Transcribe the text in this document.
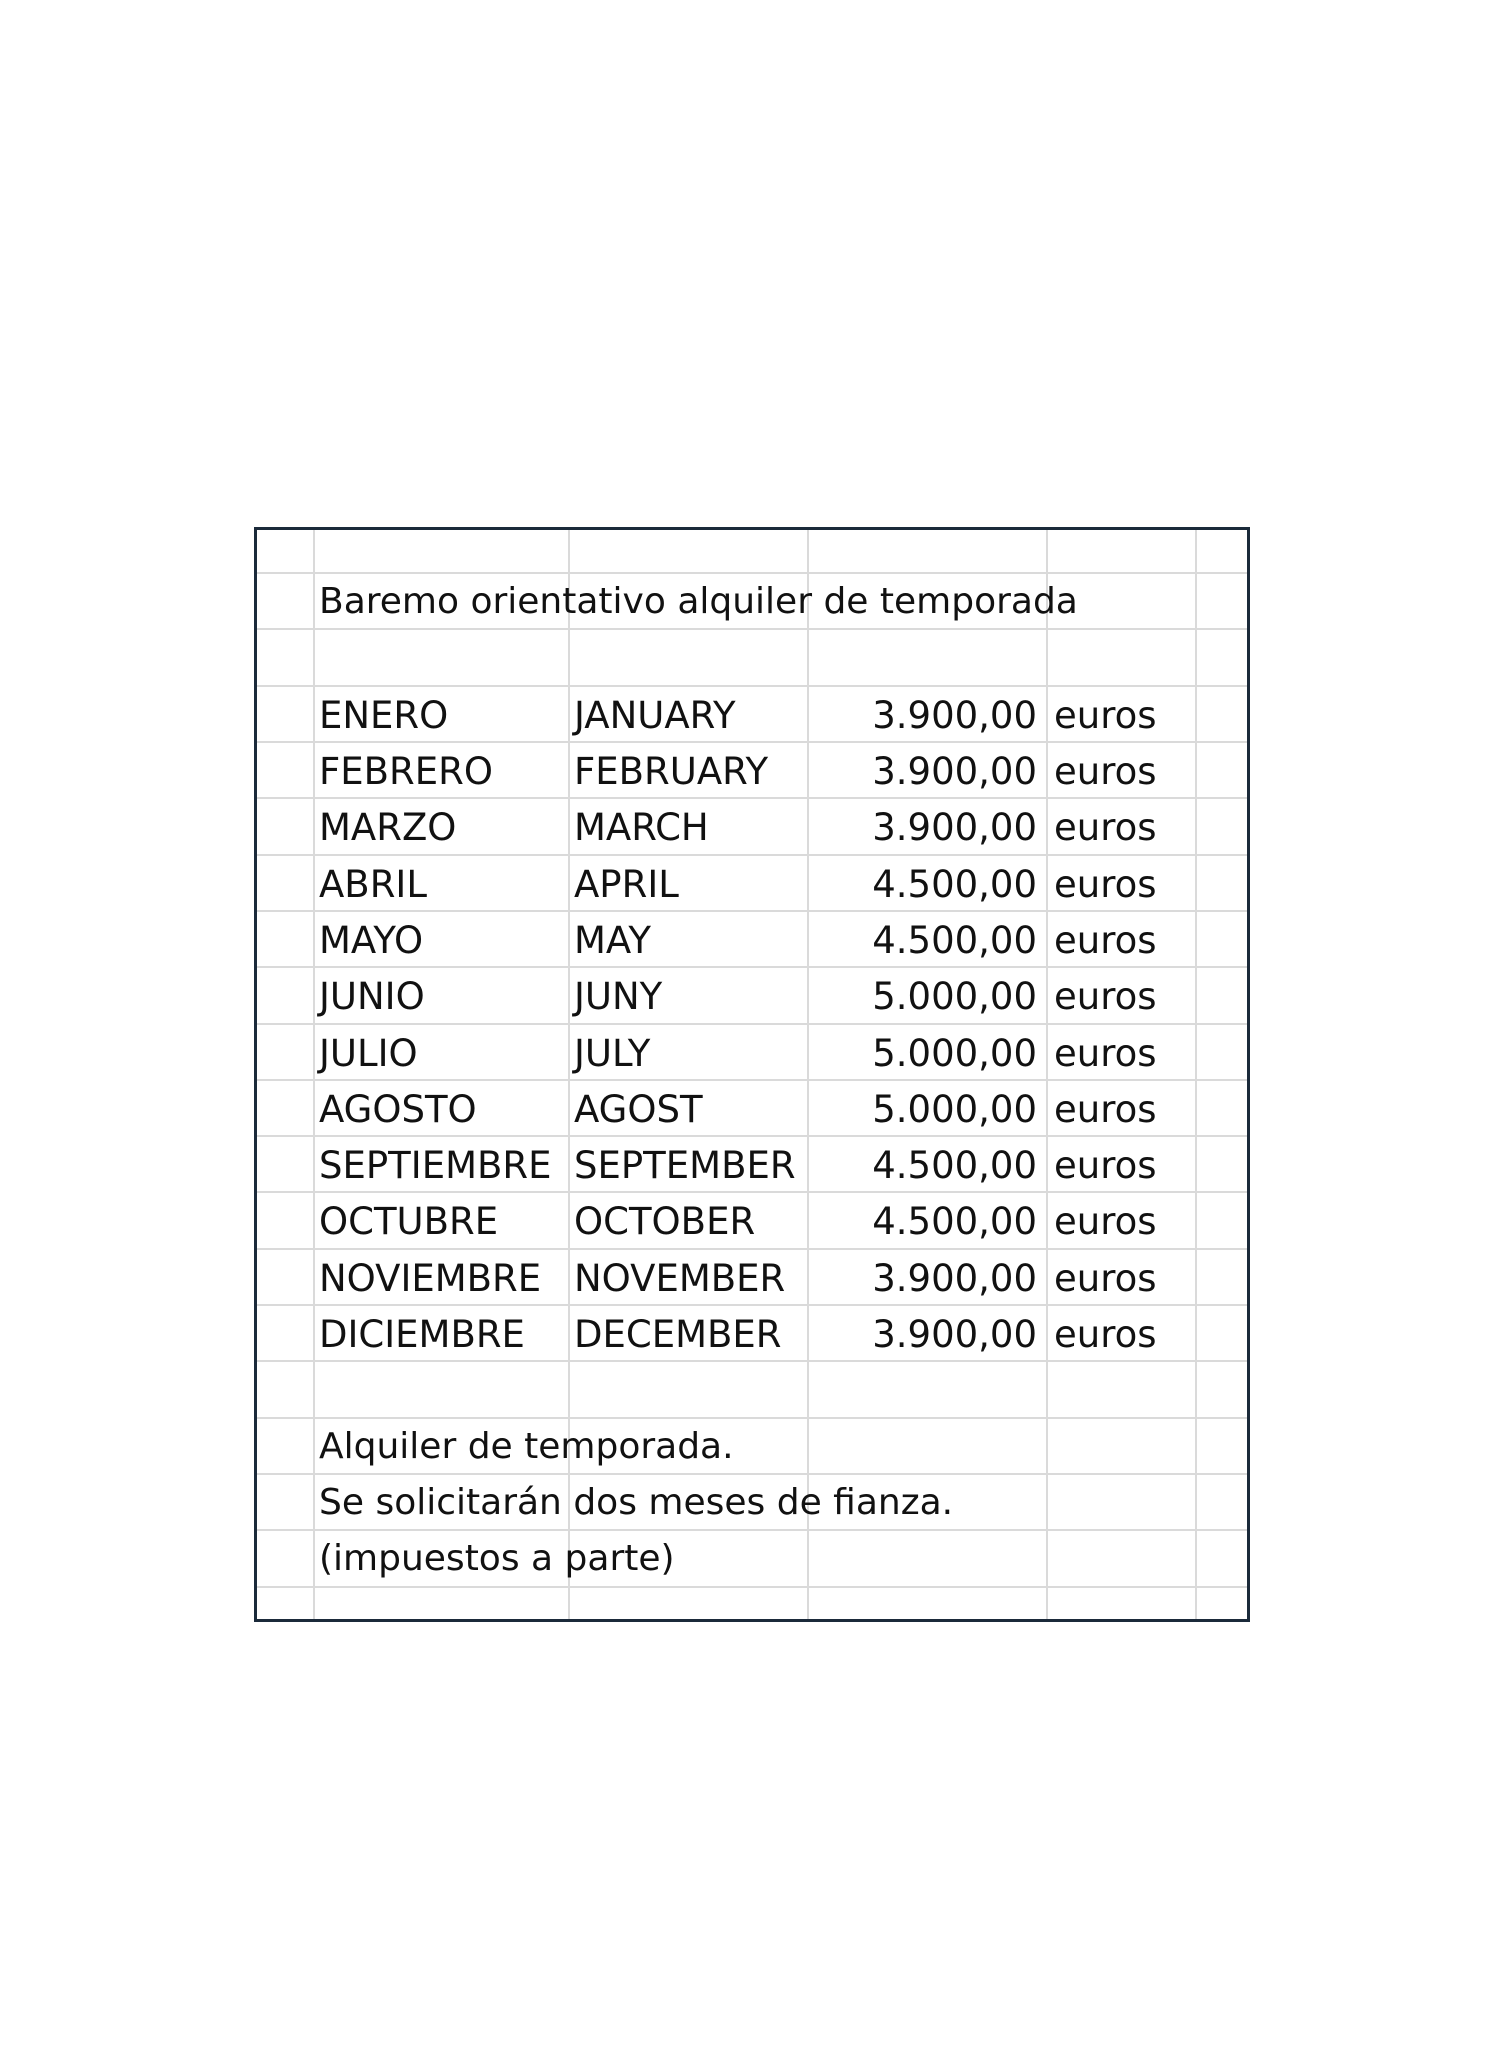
Baremo orientativo alquiler de temporada
ENERO	JANUARY	3.900,00 euros
FEBRERO FEBRUARY	3.900,00 euros
MARZO	MARCH	3.900,00 euros
ABRIL	APRIL	4.500,00 euros
MAYO	MAY	4.500,00 euros
JUNIO	JUNY	5.000,00 euros
JULIO	JULY	5.000,00 euros
AGOSTO	AGOST	5.000,00 euros
SEPTIEMBRE SEPTEMBER	4.500,00 euros
OCTUBRE OCTOBER	4.500,00 euros
NOVIEMBRE NOVEMBER	3.900,00 euros
DICIEMBRE DECEMBER	3.900,00 euros
Alquiler de temporada.
Se solicitarán dos meses de fianza.
(impuestos a parte)
